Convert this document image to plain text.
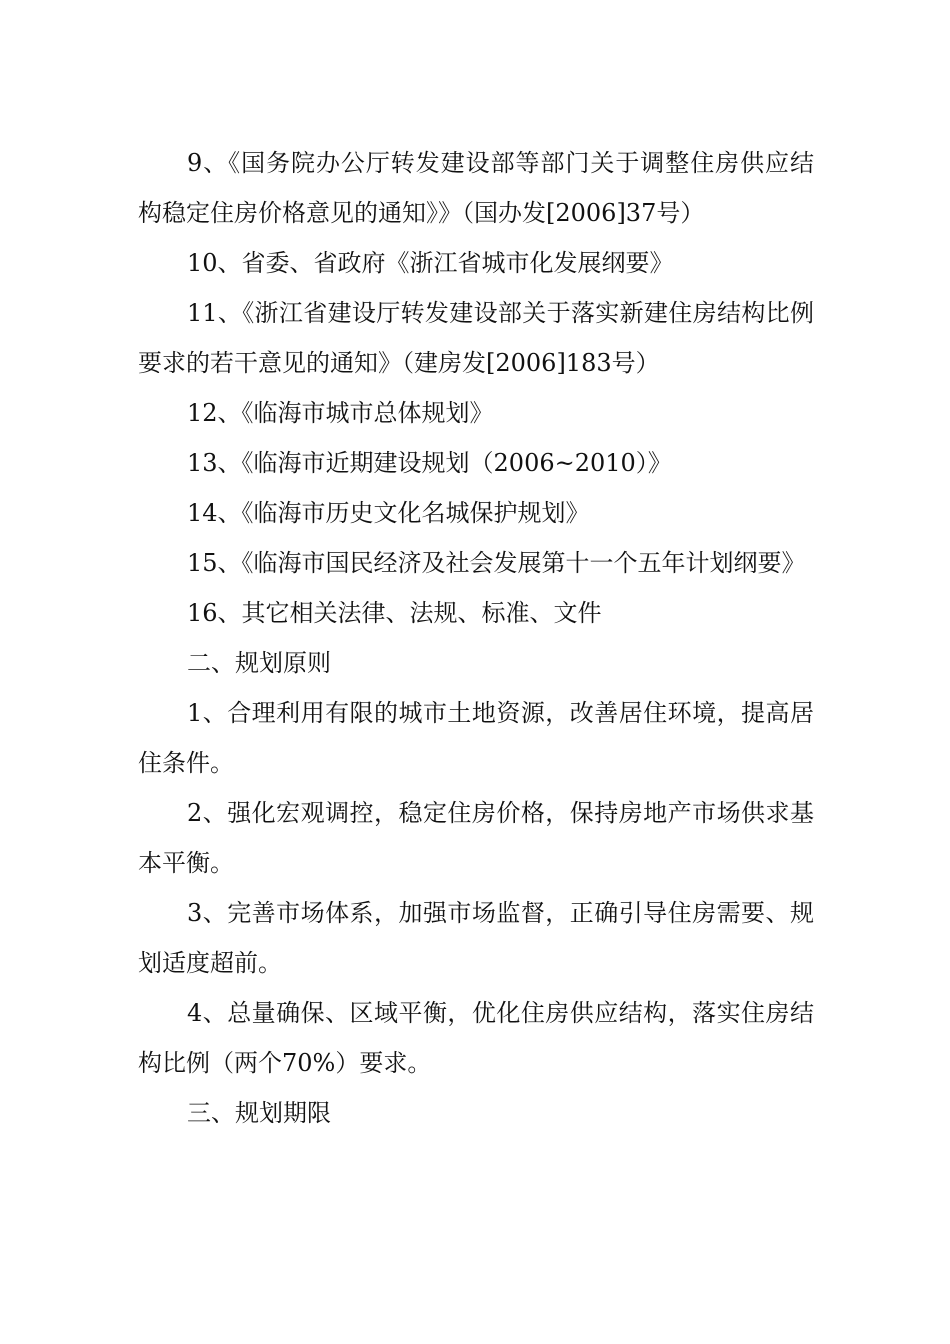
9、《国务院办公厅转发建设部等部门关于调整住房供应结构稳定住房价格意见的通知》》（国办发[2006]37号）

10、省委、省政府《浙江省城市化发展纲要》

11、《浙江省建设厅转发建设部关于落实新建住房结构比例要求的若干意见的通知》（建房发[2006]183号）

12、《临海市城市总体规划》

13、《临海市近期建设规划（2006~2010）》

14、《临海市历史文化名城保护规划》

15、《临海市国民经济及社会发展第十一个五年计划纲要》

16、其它相关法律、法规、标准、文件

二、规划原则

1、合理利用有限的城市土地资源，改善居住环境，提高居住条件。

2、强化宏观调控，稳定住房价格，保持房地产市场供求基本平衡。

3、完善市场体系，加强市场监督，正确引导住房需要、规划适度超前。

4、总量确保、区域平衡，优化住房供应结构，落实住房结构比例（两个70%）要求。

三、规划期限
